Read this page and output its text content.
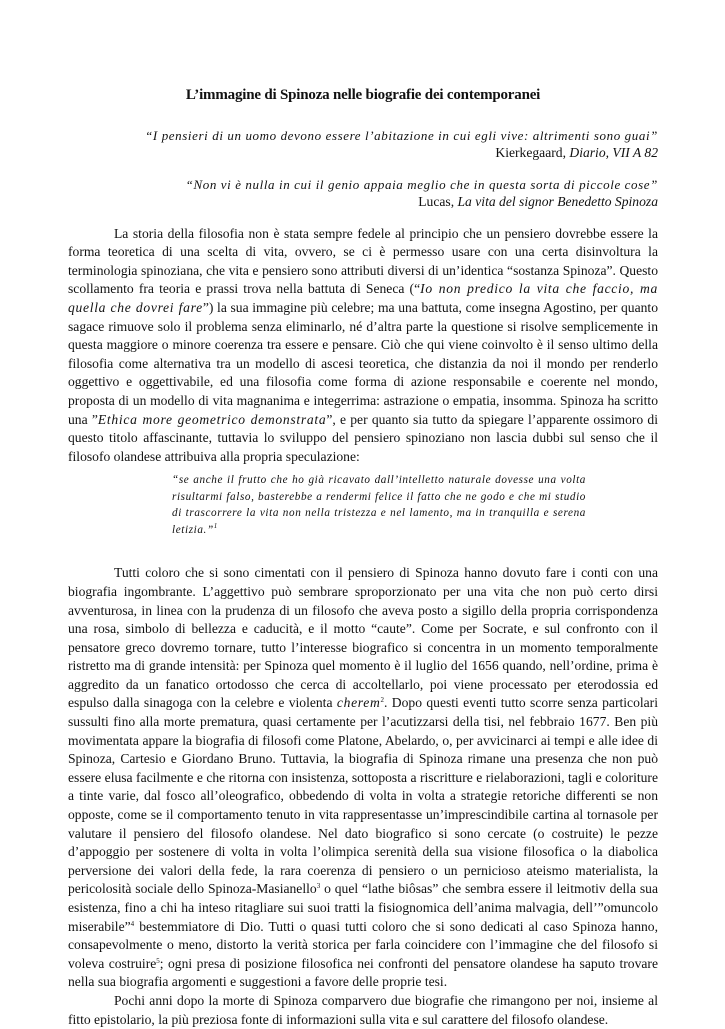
L’immagine di Spinoza nelle biografie dei contemporanei
“I pensieri di un uomo devono essere l’abitazione in cui egli vive: altrimenti sono guai”
Kierkegaard, Diario, VII A 82
“Non vi è nulla in cui il genio appaia meglio che in questa sorta di piccole cose”
Lucas, La vita del signor Benedetto Spinoza

La storia della filosofia non è stata sempre fedele al principio che un pensiero dovrebbe essere la forma teoretica di una scelta di vita, ovvero, se ci è permesso usare con una certa disinvoltura la terminologia spinoziana, che vita e pensiero sono attributi diversi di un’identica “sostanza Spinoza”. Questo scollamento fra teoria e prassi trova nella battuta di Seneca (“Io non predico la vita che faccio, ma quella che dovrei fare”) la sua immagine più celebre; ma una battuta, come insegna Agostino, per quanto sagace rimuove solo il problema senza eliminarlo, né d’altra parte la questione si risolve semplicemente in questa maggiore o minore coerenza tra essere e pensare. Ciò che qui viene coinvolto è il senso ultimo della filosofia come alternativa tra un modello di ascesi teoretica, che distanzia da noi il mondo per renderlo oggettivo e oggettivabile, ed una filosofia come forma di azione responsabile e coerente nel mondo, proposta di un modello di vita magnanima e integerrima: astrazione o empatia, insomma. Spinoza ha scritto una ”Ethica more geometrico demonstrata”, e per quanto sia tutto da spiegare l’apparente ossimoro di questo titolo affascinante, tuttavia lo sviluppo del pensiero spinoziano non lascia dubbi sul senso che il filosofo olandese attribuiva alla propria speculazione:

“se anche il frutto che ho già ricavato dall’intelletto naturale dovesse una volta risultarmi falso, basterebbe a rendermi felice il fatto che ne godo e che mi studio di trascorrere la vita non nella tristezza e nel lamento, ma in tranquilla e serena letizia.”$^1$

Tutti coloro che si sono cimentati con il pensiero di Spinoza hanno dovuto fare i conti con una biografia ingombrante. L’aggettivo può sembrare sproporzionato per una vita che non può certo dirsi avventurosa, in linea con la prudenza di un filosofo che aveva posto a sigillo della propria corrispondenza una rosa, simbolo di bellezza e caducità, e il motto “caute”. Come per Socrate, e sul confronto con il pensatore greco dovremo tornare, tutto l’interesse biografico si concentra in un momento temporalmente ristretto ma di grande intensità: per Spinoza quel momento è il luglio del 1656 quando, nell’ordine, prima è aggredito da un fanatico ortodosso che cerca di accoltellarlo, poi viene processato per eterodossia ed espulso dalla sinagoga con la celebre e violenta cherem$^2$. Dopo questi eventi tutto scorre senza particolari sussulti fino alla morte prematura, quasi certamente per l’acutizzarsi della tisi, nel febbraio 1677. Ben più movimentata appare la biografia di filosofi come Platone, Abelardo, o, per avvicinarci ai tempi e alle idee di Spinoza, Cartesio e Giordano Bruno. Tuttavia, la biografia di Spinoza rimane una presenza che non può essere elusa facilmente e che ritorna con insistenza, sottoposta a riscritture e rielaborazioni, tagli e coloriture a tinte varie, dal fosco all’oleografico, obbedendo di volta in volta a strategie retoriche differenti se non opposte, come se il comportamento tenuto in vita rappresentasse un’imprescindibile cartina al tornasole per valutare il pensiero del filosofo olandese. Nel dato biografico si sono cercate (o costruite) le pezze d’appoggio per sostenere di volta in volta l’olimpica serenità della sua visione filosofica o la diabolica perversione dei valori della fede, la rara coerenza di pensiero o un pernicioso ateismo materialista, la pericolosità sociale dello Spinoza-Masianello$^3$ o quel “lathe biôsas” che sembra essere il leitmotiv della sua esistenza, fino a chi ha inteso ritagliare sui suoi tratti la fisiognomica dell’anima malvagia, dell’”omuncolo miserabile”$^4$ bestemmiatore di Dio. Tutti o quasi tutti coloro che si sono dedicati al caso Spinoza hanno, consapevolmente o meno, distorto la verità storica per farla coincidere con l’immagine che del filosofo si voleva costruire$^5$; ogni presa di posizione filosofica nei confronti del pensatore olandese ha saputo trovare nella sua biografia argomenti e suggestioni a favore delle proprie tesi.

Pochi anni dopo la morte di Spinoza comparvero due biografie che rimangono per noi, insieme al fitto epistolario, la più preziosa fonte di informazioni sulla vita e sul carattere del filosofo olandese.
